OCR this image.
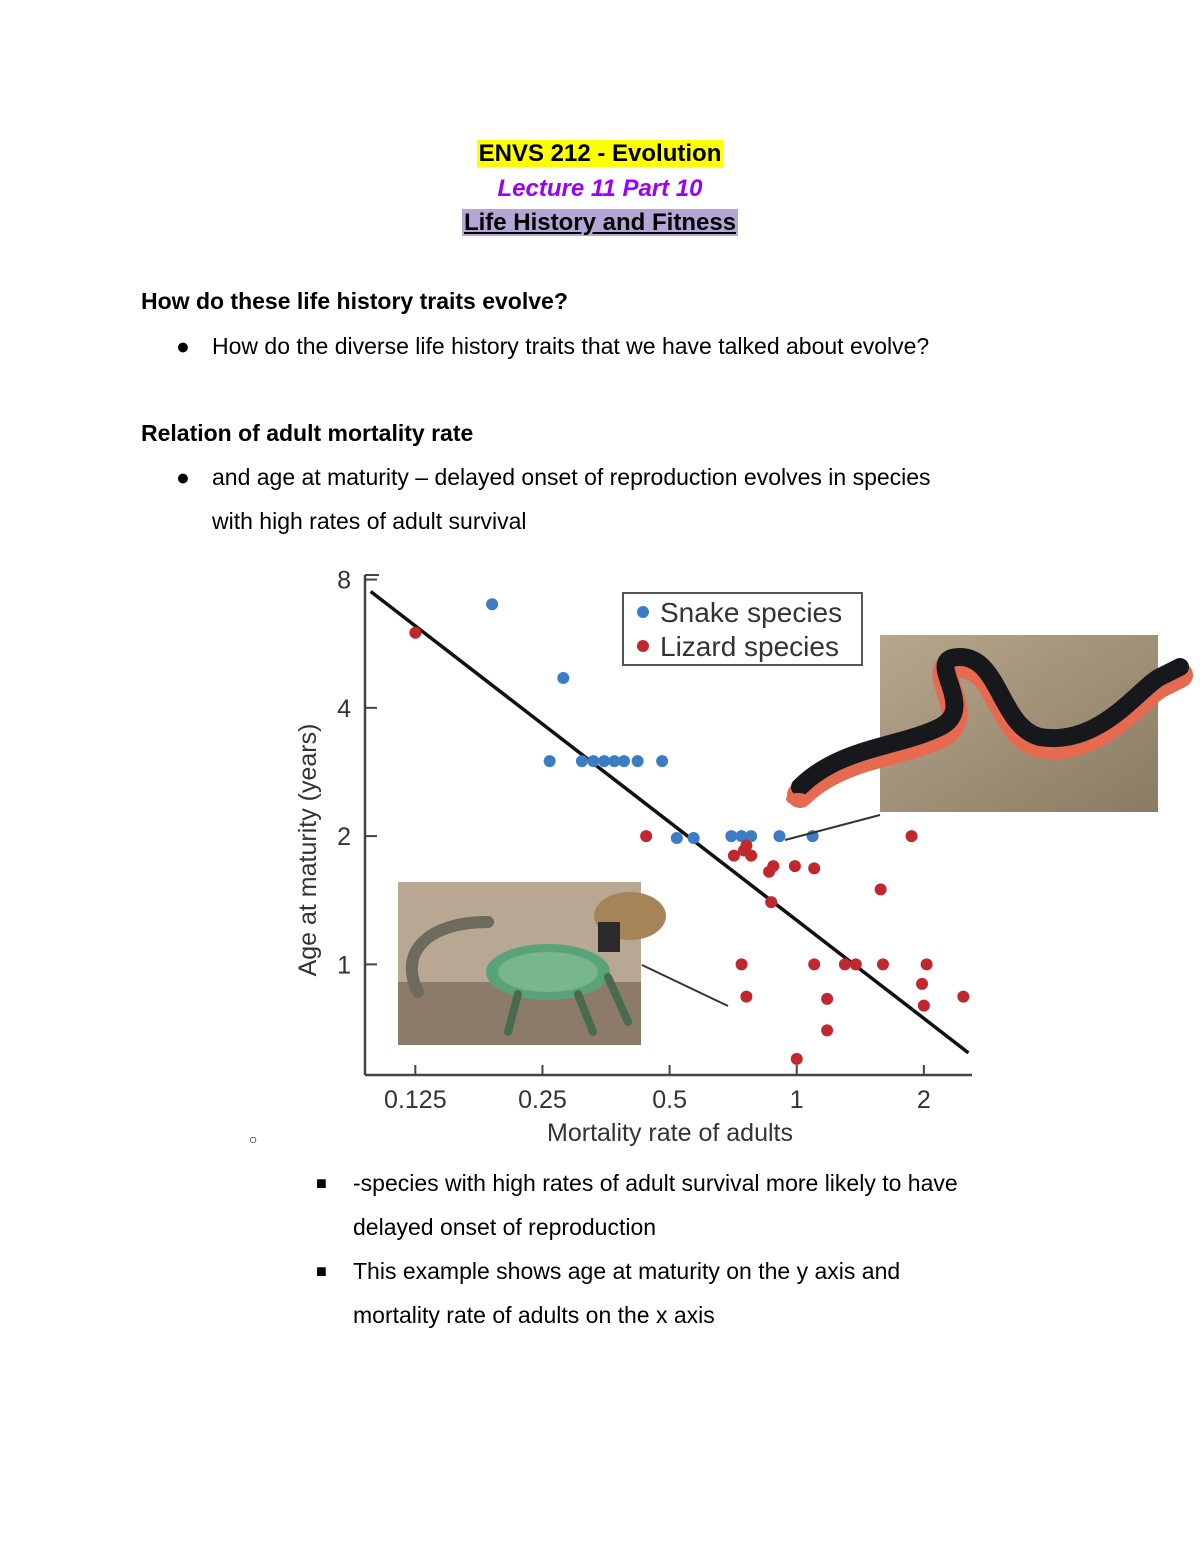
ENVS 212 - Evolution
Lecture 11 Part 10
Life History and Fitness
How do these life history traits evolve?
● How do the diverse life history traits that we have talked about evolve?
Relation of adult mortality rate
● and age at maturity – delayed onset of reproduction evolves in species
with high rates of adult survival
0.125	0.25	0.5	1	2
1
2
4
8
Snake species
Lizard species
Mortality rate of adults
Age at maturity (years)
○
■ -species with high rates of adult survival more likely to have
delayed onset of reproduction
■ This example shows age at maturity on the y axis and
mortality rate of adults on the x axis
